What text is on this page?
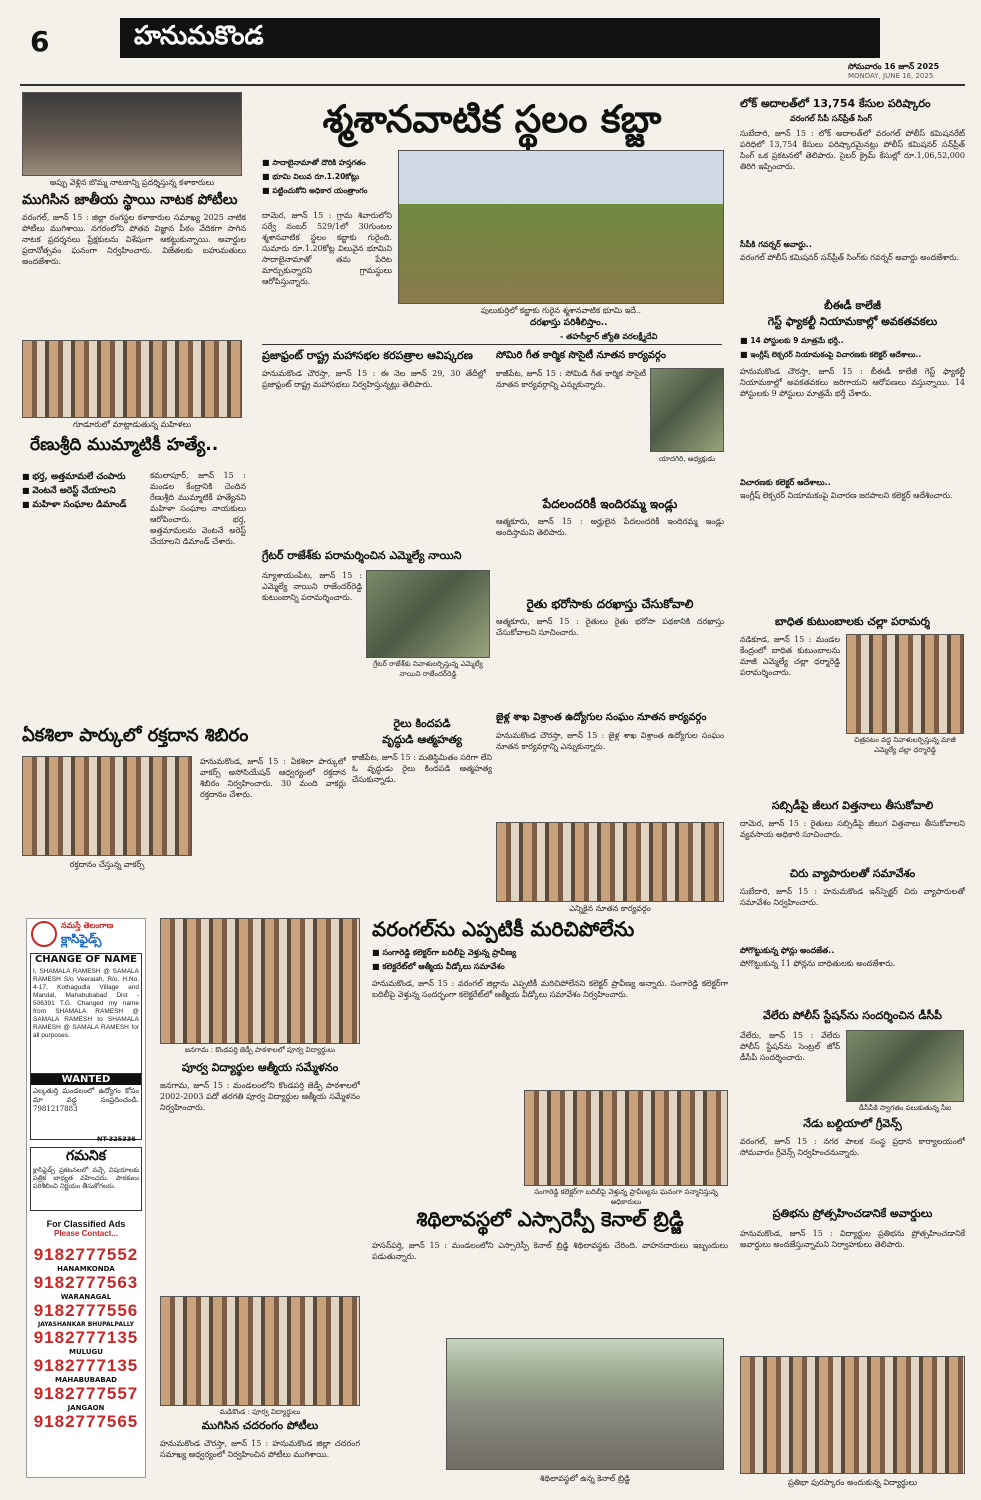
6	హనుమకొండ
సోమవారం 16 జూన్ 2025
MONDAY, JUNE 16, 2025
అప్పు వెళ్లిన బొమ్మ నాటకాన్ని ప్రదర్శిస్తున్న కళాకారులు
ముగిసిన జాతీయ స్థాయి నాటక పోటీలు
వరంగల్, జూన్ 15 : జిల్లా రంగస్థల కళాకారుల సమాఖ్య 2025 నాటిక పోటీలు ముగిశాయి. నగరంలోని పోతన విజ్ఞాన పీఠం వేదికగా సాగిన నాటక ప్రదర్శనలు ప్రేక్షకులను విశేషంగా ఆకట్టుకున్నాయి. అవార్డుల ప్రదానోత్సవం ఘనంగా నిర్వహించారు. విజేతలకు బహుమతులు అందజేశారు.
గూడూరులో మాట్లాడుతున్న మహిళలు
రేణుశ్రీది ముమ్మాటికీ హత్యే..
■ భర్త, అత్తమామలే చంపారు
■ వెంటనే అరెస్ట్ చేయాలని
■ మహిళా సంఘాల డిమాండ్
కమలాపూర్, జూన్ 15 : మండల కేంద్రానికి చెందిన రేణుశ్రీది ముమ్మాటికీ హత్యేనని మహిళా సంఘాల నాయకులు ఆరోపించారు. భర్త, అత్తమామలను వెంటనే అరెస్ట్ చేయాలని డిమాండ్ చేశారు.
శ్మశానవాటిక స్థలం కబ్జా
■ సాదాబైనామాతో దొరికి హస్తగతం
■ భూమి విలువ రూ.1.20కోట్లు
■ పట్టించుకోని అధికార యంత్రాంగం
పులుకుర్తిలో కబ్జాకు గురైన శ్మశానవాటిక భూమి ఇదే..
దామెర, జూన్ 15 : గ్రామ శివారులోని సర్వే నంబర్ 529/1లో 30గుంటల శ్మశానవాటిక స్థలం కబ్జాకు గురైంది. సుమారు రూ.1.20కోట్ల విలువైన భూమిని సాదాబైనామాతో తమ పేరిట మార్చుకున్నారని గ్రామస్థులు ఆరోపిస్తున్నారు.
దరఖాస్తు పరిశీలిస్తాం..
- తహసీల్దార్ జ్యోతి వరలక్ష్మీదేవి
లోక్ అదాలత్‌లో 13,754 కేసుల పరిష్కారం
వరంగల్ సీపీ సన్‌ప్రీత్ సింగ్
సుబేదారి, జూన్ 15 : లోక్ అదాలత్‌లో వరంగల్ పోలీస్ కమిషనరేట్ పరిధిలో 13,754 కేసులు పరిష్కారమైనట్లు పోలీస్ కమిషనర్ సన్‌ప్రీత్ సింగ్ ఒక ప్రకటనలో తెలిపారు. సైబర్ క్రైమ్ కేసుల్లో రూ.1,06,52,000 తిరిగి ఇప్పించారు.
సీపీకి గవర్నర్ అవార్డు..
వరంగల్ పోలీస్ కమిషనర్ సన్‌ప్రీత్ సింగ్‌కు గవర్నర్ అవార్డు అందజేశారు.
బీఈడీ కాలేజీ
గెస్ట్ ఫ్యాకల్టీ నియామకాల్లో అవకతవకలు
■ 14 పోస్టులకు 9 మాత్రమే భర్తీ..
■ ఇంగ్లీష్ లెక్చరర్ నియామకంపై విచారణకు కలెక్టర్ ఆదేశాలు..
హనుమకొండ చౌరస్తా, జూన్ 15 : బీఈడీ కాలేజీ గెస్ట్ ఫ్యాకల్టీ నియామకాల్లో అవకతవకలు జరిగాయని ఆరోపణలు వస్తున్నాయి. 14 పోస్టులకు 9 పోస్టులు మాత్రమే భర్తీ చేశారు.
విచారణకు కలెక్టర్ ఆదేశాలు..
ఇంగ్లీష్ లెక్చరర్ నియామకంపై విచారణ జరపాలని కలెక్టర్ ఆదేశించారు.
బాధిత కుటుంబాలకు చల్లా పరామర్శ
నడికూడ, జూన్ 15 : మండల కేంద్రంలో బాధిత కుటుంబాలను మాజీ ఎమ్మెల్యే చల్లా ధర్మారెడ్డి పరామర్శించారు.
చిత్రపటం వద్ద నివాళులర్పిస్తున్న మాజీ ఎమ్మెల్యే చల్లా ధర్మారెడ్డి
సబ్సిడీపై జీలుగ విత్తనాలు తీసుకోవాలి
దామెర, జూన్ 15 : రైతులు సబ్సిడీపై జీలుగ విత్తనాలు తీసుకోవాలని వ్యవసాయ అధికారి సూచించారు.
చిరు వ్యాపారులతో సమావేశం
సుబేదారి, జూన్ 15 : హనుమకొండ ఇన్‌స్పెక్టర్ చిరు వ్యాపారులతో సమావేశం నిర్వహించారు.
పోగొట్టుకున్న ఫోన్లు అందజేత..
పోగొట్టుకున్న 11 ఫోన్లను బాధితులకు అందజేశారు.
వేలేరు పోలీస్ స్టేషన్‌ను సందర్శించిన డీసీపీ
వేలేరు, జూన్ 15 : వేలేరు పోలీస్ స్టేషన్‌ను సెంట్రల్ జోన్ డీసీపీ సందర్శించారు.
డీసీపీకి స్వాగతం పలుకుతున్న సీఐ
నేడు బల్దియాలో గ్రీవెన్స్
వరంగల్, జూన్ 15 : నగర పాలక సంస్థ ప్రధాన కార్యాలయంలో సోమవారం గ్రీవెన్స్ నిర్వహించనున్నారు.
ప్రతిభను ప్రోత్సహించడానికే అవార్డులు
హనుమకొండ, జూన్ 15 : విద్యార్థుల ప్రతిభను ప్రోత్సహించడానికే అవార్డులు అందజేస్తున్నామని నిర్వాహకులు తెలిపారు.
ప్రతిభా పురస్కారం అందుకున్న విద్యార్థులు
ప్రజాఫ్రంట్ రాష్ట్ర మహాసభల కరపత్రాల ఆవిష్కరణ
హనుమకొండ చౌరస్తా, జూన్ 15 : ఈ నెల జూన్ 29, 30 తేదీల్లో ప్రజాఫ్రంట్ రాష్ట్ర మహాసభలు నిర్వహిస్తున్నట్లు తెలిపారు.
సోమిరి గీత కార్మిక సొసైటీ నూతన కార్యవర్గం
కాజీపేట, జూన్ 15 : సోమిడి గీత కార్మిక సొసైటీ నూతన కార్యవర్గాన్ని ఎన్నుకున్నారు.
యాదగిరి, అధ్యక్షుడు
పేదలందరికీ ఇందిరమ్మ ఇండ్లు
ఆత్మకూరు, జూన్ 15 : అర్హులైన పేదలందరికీ ఇందిరమ్మ ఇండ్లు అందిస్తామని తెలిపారు.
గ్రేటర్ రాజేశ్‌కు పరామర్శించిన ఎమ్మెల్యే నాయిని
న్యూశాయంపేట, జూన్ 15 : ఎమ్మెల్యే నాయిని రాజేందర్‌రెడ్డి కుటుంబాన్ని పరామర్శించారు.
గ్రేటర్ రాజేశ్‌కు నివాళులర్పిస్తున్న ఎమ్మెల్యే నాయిని రాజేందర్‌రెడ్డి
రైతు భరోసాకు దరఖాస్తు చేసుకోవాలి
ఆత్మకూరు, జూన్ 15 : రైతులు రైతు భరోసా పథకానికి దరఖాస్తు చేసుకోవాలని సూచించారు.
జైళ్ల శాఖ విశ్రాంత ఉద్యోగుల సంఘం నూతన కార్యవర్గం
హనుమకొండ చౌరస్తా, జూన్ 15 : జైళ్ల శాఖ విశ్రాంత ఉద్యోగుల సంఘం నూతన కార్యవర్గాన్ని ఎన్నుకున్నారు.
ఎన్నికైన నూతన కార్యవర్గం
రైలు కిందపడి
వృద్ధుడి ఆత్మహత్య
కాజీపేట, జూన్ 15 : మతిస్థిమితం సరిగా లేని ఓ వృద్ధుడు రైలు కిందపడి ఆత్మహత్య చేసుకున్నాడు.
ఏకశిలా పార్కులో రక్తదాన శిబిరం
రక్తదానం చేస్తున్న వాకర్స్
హనుమకొండ, జూన్ 15 : ఏకశిలా పార్కులో వాకర్స్ అసోసియేషన్ ఆధ్వర్యంలో రక్తదాన శిబిరం నిర్వహించారు. 30 మంది వాకర్లు రక్తదానం చేశారు.
నమస్తే తెలంగాణ
క్లాసిఫైడ్స్
CHANGE OF NAME
I, SHAMALA RAMESH @ SAMALA RAMESH S/o Veeraiah, R/o. H.No. 4-17, Kothagudla Village and Mandal, Mahabubabad Dist - 506391 T.G. Changed my name from SHAMALA RAMESH @ SAMALA RAMESH to SHAMALA RAMESH @ SAMALA RAMESH for all purposes.
WANTED
ఎల్కతుర్తి మండలంలో ఉద్యోగం కోసం మా వద్ద సంప్రదించండి. 7981217883
NT-325336
గమనిక
క్లాసిఫైడ్స్ ప్రకటనలలో వచ్చే విషయాలకు పత్రిక బాధ్యత వహించదు. పాఠకులు పరిశీలించి నిర్ణయం తీసుకోగలరు.
For Classified Ads
Please Contact...
9182777552
HANAMKONDA
9182777563
WARANAGAL
9182777556
JAYASHANKAR BHUPALPALLY
9182777135
MULUGU
9182777135
MAHABUBABAD
9182777557
JANGAON
9182777565
జనగామ : కొండపర్తి జెడ్పీ పాఠశాలలో పూర్వ విద్యార్థులు
పూర్వ విద్యార్థుల ఆత్మీయ సమ్మేళనం
జనగామ, జూన్ 15 : మండలంలోని కొండపర్తి జెడ్పీ పాఠశాలలో 2002-2003 పదో తరగతి పూర్వ విద్యార్థుల ఆత్మీయ సమ్మేళనం నిర్వహించారు.
మడికొండ : పూర్వ విద్యార్థులు
ముగిసిన చదరంగం పోటీలు
హనుమకొండ చౌరస్తా, జూన్ 15 : హనుమకొండ జిల్లా చదరంగ సమాఖ్య ఆధ్వర్యంలో నిర్వహించిన పోటీలు ముగిశాయి.
వరంగల్‌ను ఎప్పటికీ మరిచిపోలేను
■ సంగారెడ్డి కలెక్టర్‌గా బదిలీపై వెళ్తున్న ప్రావీణ్య
■ కలెక్టరేట్‌లో ఆత్మీయ వీడ్కోలు సమావేశం
హనుమకొండ, జూన్ 15 : వరంగల్ జిల్లాను ఎప్పటికీ మరిచిపోలేనని కలెక్టర్ ప్రావీణ్య అన్నారు. సంగారెడ్డి కలెక్టర్‌గా బదిలీపై వెళ్తున్న సందర్భంగా కలెక్టరేట్‌లో ఆత్మీయ వీడ్కోలు సమావేశం నిర్వహించారు.
సంగారెడ్డి కలెక్టర్‌గా బదిలీపై వెళ్తున్న ప్రావీణ్యను ఘనంగా సన్మానిస్తున్న అధికారులు
శిథిలావస్థలో ఎస్సారెస్పీ కెనాల్ బ్రిడ్జి
హసన్‌పర్తి, జూన్ 15 : మండలంలోని ఎస్సారెస్పీ కెనాల్ బ్రిడ్జి శిథిలావస్థకు చేరింది. వాహనదారులు ఇబ్బందులు పడుతున్నారు.
శిథిలావస్థలో ఉన్న కెనాల్ బ్రిడ్జి
